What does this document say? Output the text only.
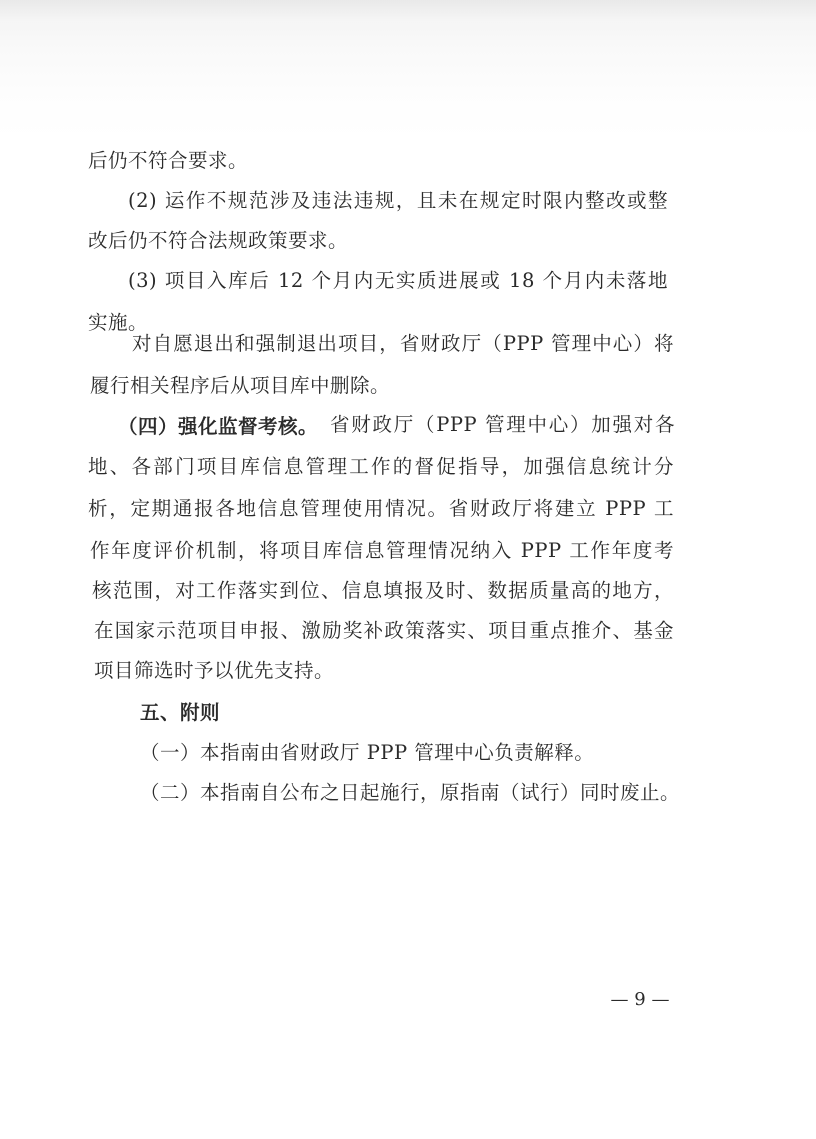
后仍不符合要求。
(2) 运作不规范涉及违法违规，且未在规定时限内整改或整
改后仍不符合法规政策要求。
(3) 项目入库后 12 个月内无实质进展或 18 个月内未落地
实施。
对自愿退出和强制退出项目，省财政厅（PPP 管理中心）将
履行相关程序后从项目库中删除。
（四）强化监督考核。 省财政厅（PPP 管理中心）加强对各
地、各部门项目库信息管理工作的督促指导，加强信息统计分
析，定期通报各地信息管理使用情况。省财政厅将建立 PPP 工
作年度评价机制，将项目库信息管理情况纳入 PPP 工作年度考
核范围，对工作落实到位、信息填报及时、数据质量高的地方，
在国家示范项目申报、激励奖补政策落实、项目重点推介、基金
项目筛选时予以优先支持。
五、附则
（一）本指南由省财政厅 PPP 管理中心负责解释。
（二）本指南自公布之日起施行，原指南（试行）同时废止。
— 9 —
